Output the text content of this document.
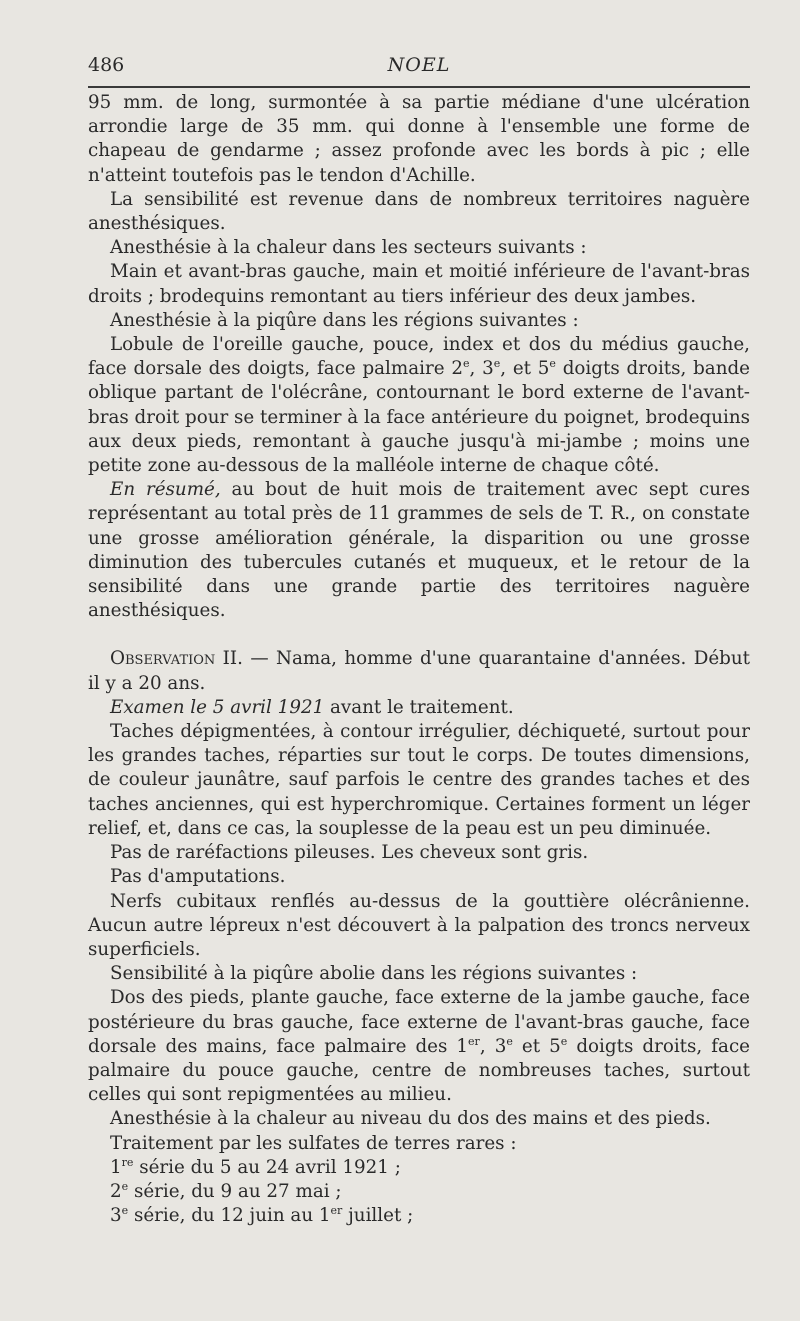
486	NOEL

95 mm. de long, surmontée à sa partie médiane d'une ulcération arrondie large de 35 mm. qui donne à l'ensemble une forme de chapeau de gendarme ; assez profonde avec les bords à pic ; elle n'atteint toutefois pas le tendon d'Achille.

La sensibilité est revenue dans de nombreux territoires naguère anesthésiques.

Anesthésie à la chaleur dans les secteurs suivants :

Main et avant-bras gauche, main et moitié inférieure de l'avant-bras droits ; brodequins remontant au tiers inférieur des deux jambes.

Anesthésie à la piqûre dans les régions suivantes :

Lobule de l'oreille gauche, pouce, index et dos du médius gauche, face dorsale des doigts, face palmaire 2e, 3e, et 5e doigts droits, bande oblique partant de l'olécrâne, contournant le bord externe de l'avant-bras droit pour se terminer à la face antérieure du poignet, brodequins aux deux pieds, remontant à gauche jusqu'à mi-jambe ; moins une petite zone au-dessous de la malléole interne de chaque côté.

En résumé, au bout de huit mois de traitement avec sept cures représentant au total près de 11 grammes de sels de T. R., on constate une grosse amélioration générale, la disparition ou une grosse diminution des tubercules cutanés et muqueux, et le retour de la sensibilité dans une grande partie des territoires naguère anesthésiques.

Observation II. — Nama, homme d'une quarantaine d'années. Début il y a 20 ans.

Examen le 5 avril 1921 avant le traitement.

Taches dépigmentées, à contour irrégulier, déchiqueté, surtout pour les grandes taches, réparties sur tout le corps. De toutes dimensions, de couleur jaunâtre, sauf parfois le centre des grandes taches et des taches anciennes, qui est hyperchromique. Certaines forment un léger relief, et, dans ce cas, la souplesse de la peau est un peu diminuée.

Pas de raréfactions pileuses. Les cheveux sont gris.

Pas d'amputations.

Nerfs cubitaux renflés au-dessus de la gouttière olécrânienne. Aucun autre lépreux n'est découvert à la palpation des troncs nerveux superficiels.

Sensibilité à la piqûre abolie dans les régions suivantes :

Dos des pieds, plante gauche, face externe de la jambe gauche, face postérieure du bras gauche, face externe de l'avant-bras gauche, face dorsale des mains, face palmaire des 1er, 3e et 5e doigts droits, face palmaire du pouce gauche, centre de nombreuses taches, surtout celles qui sont repigmentées au milieu.

Anesthésie à la chaleur au niveau du dos des mains et des pieds.

Traitement par les sulfates de terres rares :

1re série du 5 au 24 avril 1921 ;

2e série, du 9 au 27 mai ;

3e série, du 12 juin au 1er juillet ;
